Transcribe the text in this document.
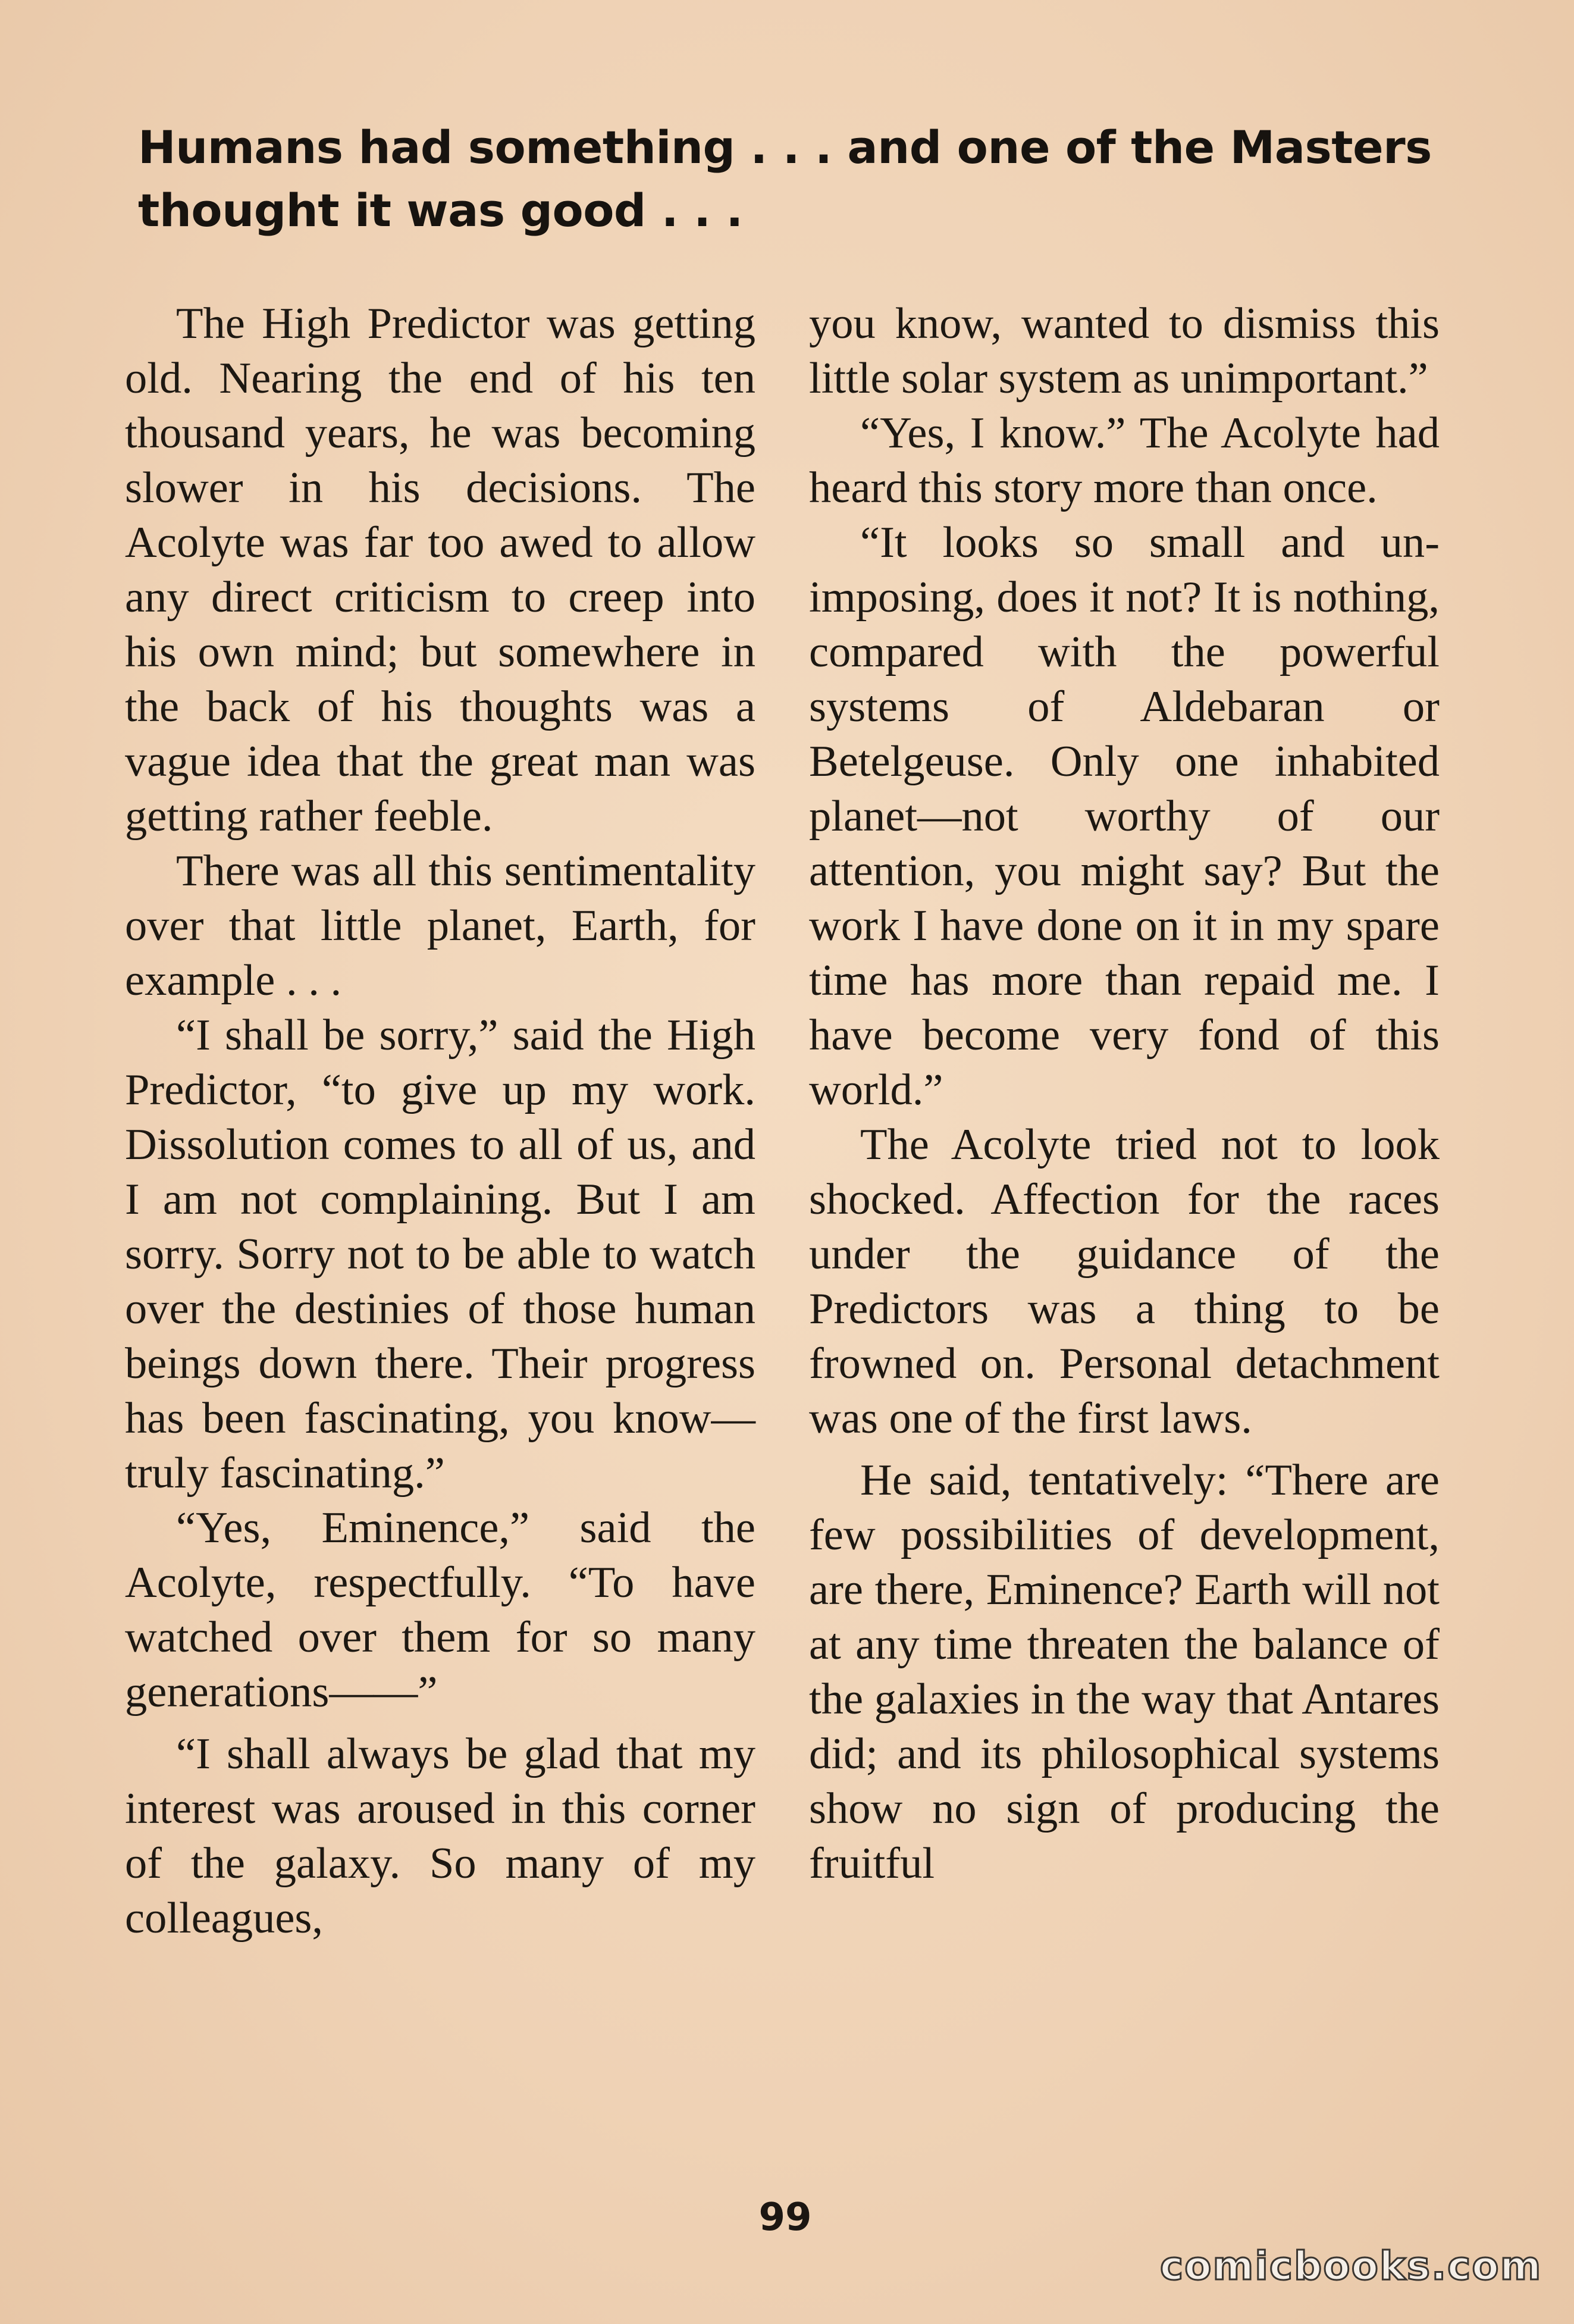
Humans had something . . . and one of the Masters
thought it was good . . .

The High Predictor was getting old. Nearing the end of his ten thousand years, he was becoming slower in his decisions. The Acolyte was far too awed to allow any direct criticism to creep into his own mind; but somewhere in the back of his thoughts was a vague idea that the great man was getting rather feeble.

There was all this sentimentality over that little planet, Earth, for example . . .

“I shall be sorry,” said the High Predictor, “to give up my work. Dissolution comes to all of us, and I am not complaining. But I am sorry. Sorry not to be able to watch over the destinies of those human beings down there. Their progress has been fascinating, you know—truly fascinating.”

“Yes, Eminence,” said the Acolyte, respectfully. “To have watched over them for so many generations——”

“I shall always be glad that my interest was aroused in this corner of the galaxy. So many of my colleagues,

you know, wanted to dismiss this little solar system as unimportant.”

“Yes, I know.” The Acolyte had heard this story more than once.

“It looks so small and unimposing, does it not? It is nothing, compared with the powerful systems of Aldebaran or Betelgeuse. Only one inhabited planet—not worthy of our attention, you might say? But the work I have done on it in my spare time has more than repaid me. I have become very fond of this world.”

The Acolyte tried not to look shocked. Affection for the races under the guidance of the Predictors was a thing to be frowned on. Personal detachment was one of the first laws.

He said, tentatively: “There are few possibilities of development, are there, Eminence? Earth will not at any time threaten the balance of the galaxies in the way that Antares did; and its philosophical systems show no sign of producing the fruitful

99
comicbooks.com
